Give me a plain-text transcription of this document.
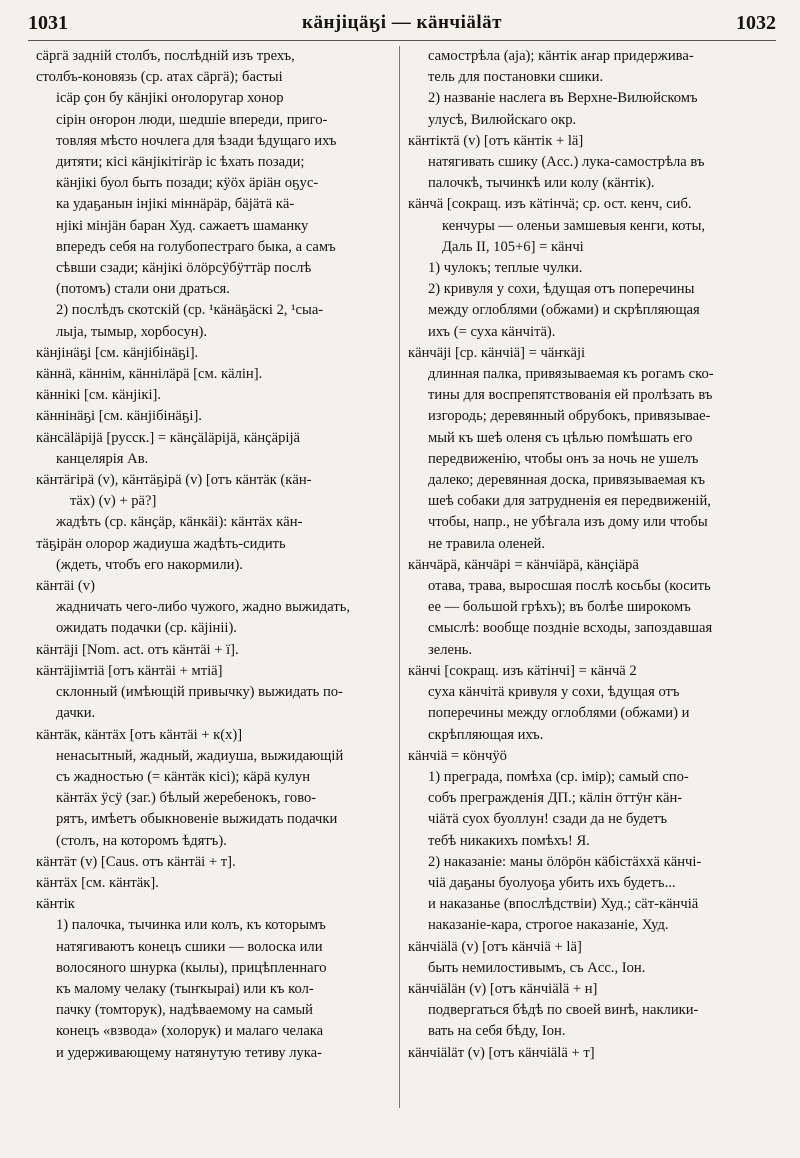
1031	кäнjiцäӄi — кäнчiäläт	1032
сäргä задній столбъ, послѣдній изъ трехъ,
столбъ-коновязь (ср. атах сäргä); бастыі
iсäр ҫон бу кäнjiкi оҥолоругар хонор
сiрiн оҥорон люди, шедшіе впереди, приго-
товляя мѣсто ночлега для ѣзади ѣдущаго ихъ
дитяти; кiсi кäнjiкiтiгäр iс ѣхать позади;
кäнjiкi буол быть позади; кӱöх äрiäн оҕус-
ка удаҕанын iнjiкi мiннäрäр, бäjäтä кä-
нjiкi мiнjäн баран Худ. сажаетъ шаманку
впередъ себя на голубопестраго быка, а самъ
сѣвши сзади; кäнjiкi öлöрсӱбӱттäр послѣ
(потомъ) стали они драться.
2) послѣдъ скотскій (ср. ¹кäнäҕäскi 2, ¹сыа-
лыjа, тымыр, хорбосун).
кäнjiнäҕi [см. кäнjiбiнäҕi].
кäннä, кäннiм, кäннiлäрä [см. кäлiн].
кäннiкi [см. кäнjiкi].
кäннiнäҕi [см. кäнjiбiнäҕi].
кäнсäläрijä [русск.] = кäнҫäläрijä, кäнҫäрijä
канцелярія Ав.
кäнтäгiрä (v), кäнтäҕiрä (v) [отъ кäнтäк (кäн-
тäх) (v) + рä?]
жадѣть (ср. кäнҫäр, кäнкäi): кäнтäх кäн-
тäҕiрäн олорор жадиуша жадѣть-сидить
(ждеть, чтобъ его накормили).
кäнтäi (v)
жадничать чего-либо чужого, жадно выжидать,
ожидать подачки (ср. кäjiнiі).
кäнтäjі [Nom. act. отъ кäнтäi + ï].
кäнтäjiмтiä [отъ кäнтäi + мтiä]
склонный (имѣющій привычку) выжидать по-
дачки.
кäнтäк, кäнтäх [отъ кäнтäi + к(х)]
ненасытный, жадный, жадиуша, выжидающій
съ жадностью (= кäнтäк кiсi); кäрä кулун
кäнтäх ӱсӱ (заг.) бѣлый жеребенокъ, гово-
рятъ, имѣетъ обыкновеніе выжидать подачки
(столъ, на которомъ ѣдятъ).
кäнтäт (v) [Caus. отъ кäнтäi + т].
кäнтäх [см. кäнтäк].
кäнтiк
1) палочка, тычинка или колъ, къ которымъ
натягиваютъ конецъ сшики — волоска или
волосяного шнурка (кылы), прицѣпленнаго
къ малому челаку (тыҥкыраі) или къ кол-
пачку (томторук), надѣваемому на самый
конецъ «взвода» (холорук) и малаго челака
и удерживающему натянутую тетиву лука-
самострѣла (аjа); кäнтiк аҥар придержива-
тель для постановки сшики.
2) названіе наслега въ Верхне-Вилюйскомъ
улусѣ, Вилюйскаго окр.
кäнтiктä (v) [отъ кäнтiк + lä]
натягивать сшику (Acc.) лука-самострѣла въ
палочкѣ, тычинкѣ или колу (кäнтiк).
кäнчä [сокращ. изъ кäтiнчä; ср. ост. кенч, сиб.
кенчуры — оленьи замшевыя кенги, коты,
Даль II, 105+6] = кäнчi
1) чулокъ; теплые чулки.
2) кривуля у сохи, ѣдущая отъ поперечины
между оглоблями (обжами) и скрѣпляющая
ихъ (= суха кäнчiтä).
кäнчäjі [ср. кäнчiä] = чäҥкäjі
длинная палка, привязываемая къ рогамъ ско-
тины для воспрепятствованія ей пролѣзать въ
изгородь; деревянный обрубокъ, привязывае-
мый къ шеѣ оленя съ цѣлью помѣшать его
передвиженію, чтобы онъ за ночь не ушелъ
далеко; деревянная доска, привязываемая къ
шеѣ собаки для затрудненія ея передвиженій,
чтобы, напр., не убѣгала изъ дому или чтобы
не травила оленей.
кäнчäрä, кäнчäрi = кäнчiäрä, кäнҫiäрä
отава, трава, выросшая послѣ косьбы (косить
ее — большой грѣхъ); въ болѣе широкомъ
смыслѣ: вообще поздніе всходы, запоздавшая
зелень.
кäнчi [сокращ. изъ кäтiнчi] = кäнчä 2
суха кäнчiтä кривуля у сохи, ѣдущая отъ
поперечины между оглоблями (обжами) и
скрѣпляющая ихъ.
кäнчiä = кöнчӱö
1) преграда, помѣха (ср. iмiр); самый спо-
собъ прегражденія ДП.; кäлiн öттӱҥ кäн-
чiäтä суох буоллун! сзади да не будетъ
тебѣ никакихъ помѣхъ! Я.
2) наказаніе: маны öлöрöн кäбiстäххä кäнчi-
чiä даҕаны буолуоҕа убить ихъ будетъ...
и наказанье (впослѣдствіи) Худ.; сäт-кäнчiä
наказаніе-кара, строгое наказаніе, Худ.
кäнчiälä (v) [отъ кäнчiä + lä]
быть немилостивымъ, съ Acc., Іон.
кäнчiäläн (v) [отъ кäнчiälä + н]
подвергаться бѣдѣ по своей винѣ, наклики-
вать на себя бѣду, Іон.
кäнчiäläт (v) [отъ кäнчiälä + т]
